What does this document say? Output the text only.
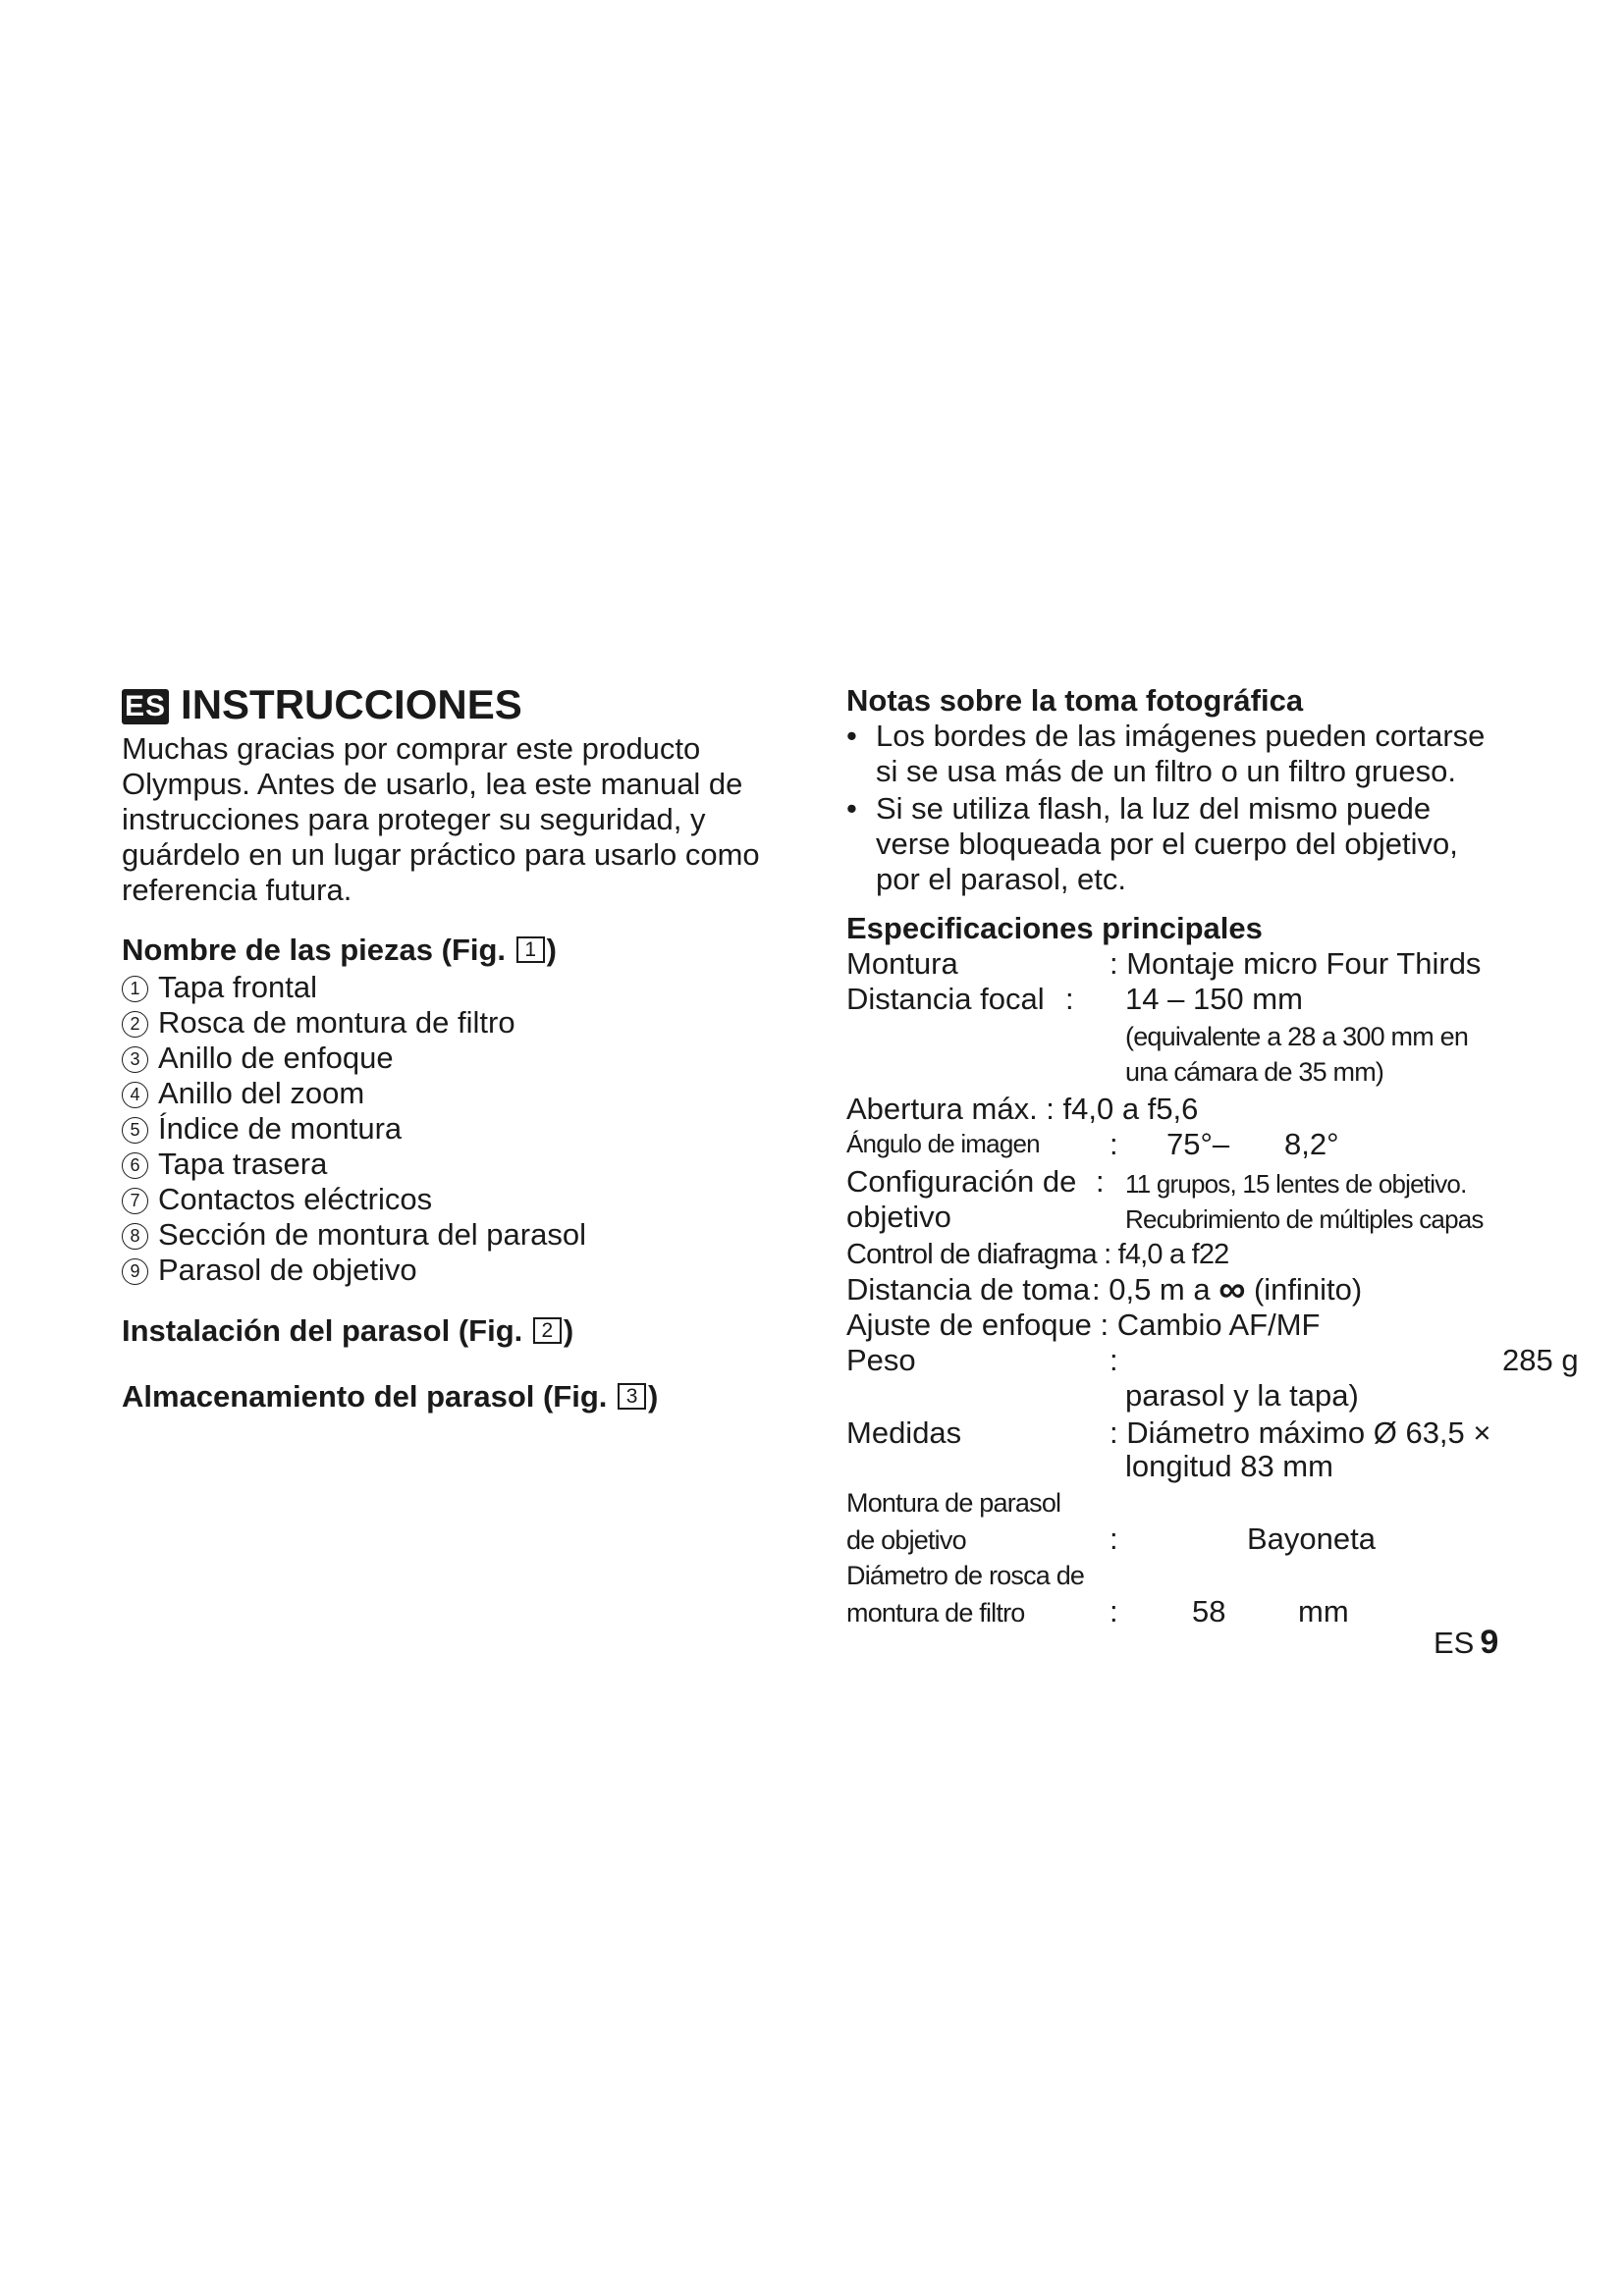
ES INSTRUCCIONES
Muchas gracias por comprar este producto
Olympus. Antes de usarlo, lea este manual de
instrucciones para proteger su seguridad, y
guárdelo en un lugar práctico para usarlo como
referencia futura.
Nombre de las piezas (Fig. 1 )
1 Tapa frontal
2 Rosca de montura de filtro
3 Anillo de enfoque
4 Anillo del zoom
5 Índice de montura
6 Tapa trasera
7 Contactos eléctricos
8 Sección de montura del parasol
9 Parasol de objetivo
Instalación del parasol (Fig. 2 )
Almacenamiento del parasol (Fig. 3 )
Notas sobre la toma fotográfica
• Los bordes de las imágenes pueden cortarse
si se usa más de un filtro o un filtro grueso.
• Si se utiliza flash, la luz del mismo puede
verse bloqueada por el cuerpo del objetivo,
por el parasol, etc.
Especificaciones principales
Montura	: Montaje micro Four Thirds
Distancia focal : 14 – 150 mm
(equivalente a 28 a 300 mm en
una cámara de 35 mm)
Abertura máx. : f4,0 a f5,6
Ángulo de imagen : 75°– 8,2°
Configuración de
objetivo
: 11 grupos, 15 lentes de objetivo.
Recubrimiento de múltiples capas
Control de diafragma : f4,0 a f22
Distancia de toma : 0,5 m a ∞ (infinito)
Ajuste de enfoque : Cambio AF/MF
Peso	:	285 g
parasol y la tapa)
Medidas	: Diámetro máximo Ø 63,5 ×
longitud 83 mm
Montura de parasol
de objetivo	:	Bayoneta
Diámetro de rosca de
montura de filtro	: 58 mm
ES 9
